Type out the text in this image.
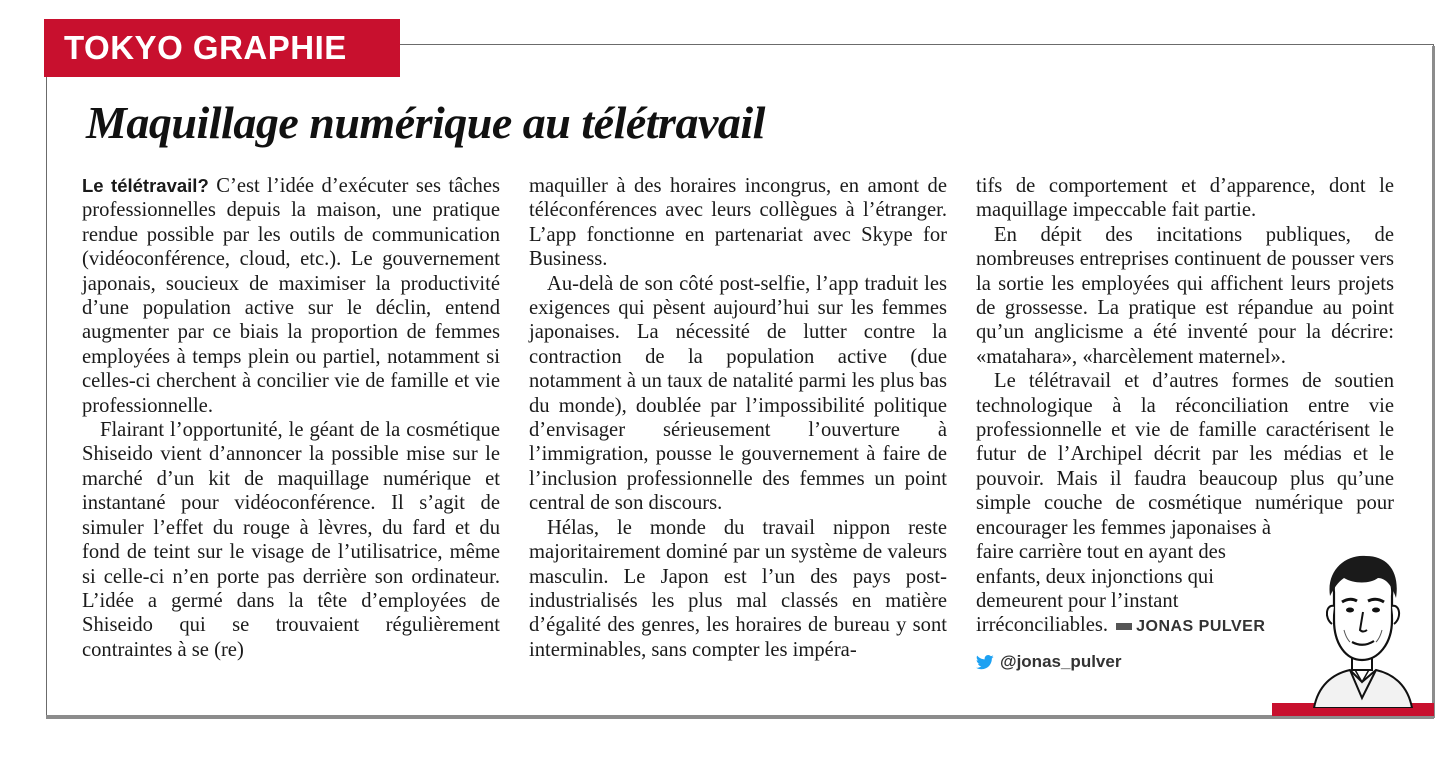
TOKYO GRAPHIE
Maquillage numérique au télétravail

Le télétravail? C’est l’idée d’exécuter ses tâches professionnelles depuis la maison, une pratique rendue possible par les outils de communication (vidéoconférence, cloud, etc.). Le gouvernement japonais, soucieux de maximiser la productivité d’une population active sur le déclin, entend augmenter par ce biais la proportion de femmes employées à temps plein ou partiel, notamment si celles-ci cherchent à concilier vie de famille et vie professionnelle.

Flairant l’opportunité, le géant de la cosmétique Shiseido vient d’annoncer la possible mise sur le marché d’un kit de maquillage numérique et instantané pour vidéoconférence. Il s’agit de simuler l’effet du rouge à lèvres, du fard et du fond de teint sur le visage de l’utilisatrice, même si celle-ci n’en porte pas derrière son ordinateur. L’idée a germé dans la tête d’employées de Shiseido qui se trouvaient régulièrement contraintes à se (re)

maquiller à des horaires incongrus, en amont de téléconférences avec leurs collègues à l’étranger. L’app fonctionne en partenariat avec Skype for Business.

Au-delà de son côté post-selfie, l’app traduit les exigences qui pèsent aujourd’hui sur les femmes japonaises. La nécessité de lutter contre la contraction de la population active (due notamment à un taux de natalité parmi les plus bas du monde), doublée par l’impossibilité politique d’envisager sérieusement l’ouverture à l’immigration, pousse le gouvernement à faire de l’inclusion professionnelle des femmes un point central de son discours.

Hélas, le monde du travail nippon reste majoritairement dominé par un système de valeurs masculin. Le Japon est l’un des pays post-industrialisés les plus mal classés en matière d’égalité des genres, les horaires de bureau y sont interminables, sans compter les impéra-

tifs de comportement et d’apparence, dont le maquillage impeccable fait partie.

En dépit des incitations publiques, de nombreuses entreprises continuent de pousser vers la sortie les employées qui affichent leurs projets de grossesse. La pratique est répandue au point qu’un anglicisme a été inventé pour la décrire: «matahara», «harcèlement maternel».

Le télétravail et d’autres formes de soutien technologique à la réconciliation entre vie professionnelle et vie de famille caractérisent le futur de l’Archipel décrit par les médias et le pouvoir. Mais il faudra beaucoup plus qu’une simple couche de cosmétique numérique pour encourager les femmes japonaises à

faire carrière tout en ayant des enfants, deux injonctions qui demeurent pour l’instant irréconciliables. JONAS PULVER

@jonas_pulver
